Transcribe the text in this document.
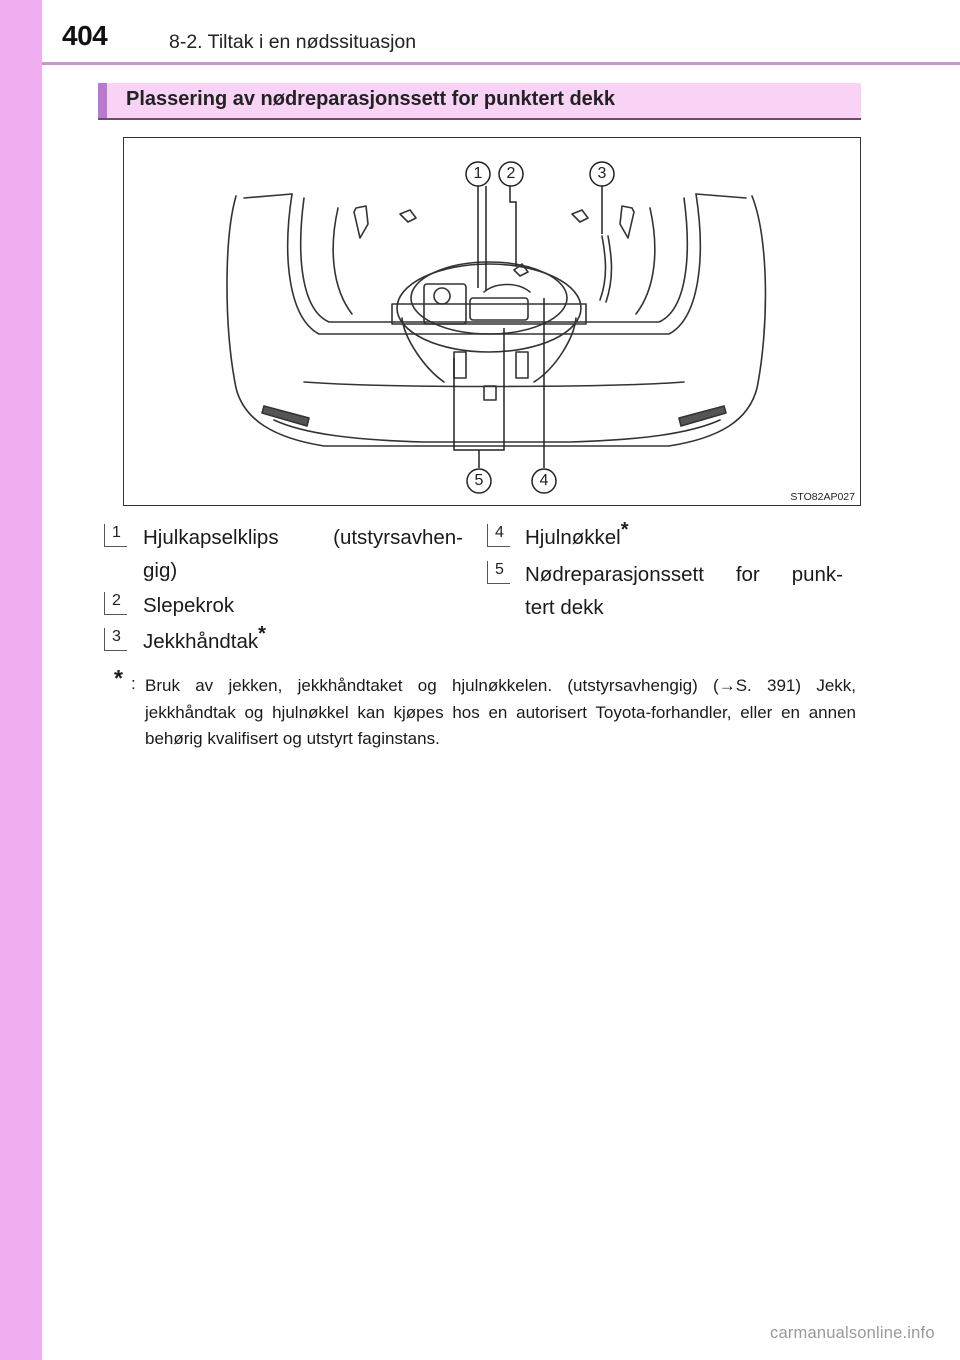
404	8-2. Tiltak i en nødssituasjon
Plassering av nødreparasjonssett for punktert dekk
1	2	3
4
5
STO82AP027
1 Hjulkapselklips (utstyrsavhen-
gig)
2 Slepekrok
3 Jekkhåndtak*
4 Hjulnøkkel*
5 Nødreparasjonssett for punk-
tert dekk
* : Bruk av jekken, jekkhåndtaket og hjulnøkkelen. (utstyrsavhengig) (→S. 391) Jekk, jekkhåndtak og hjulnøkkel kan kjøpes hos en autorisert Toyota-forhandler, eller en annen behørig kvalifisert og utstyrt faginstans.
carmanualsonline.info
